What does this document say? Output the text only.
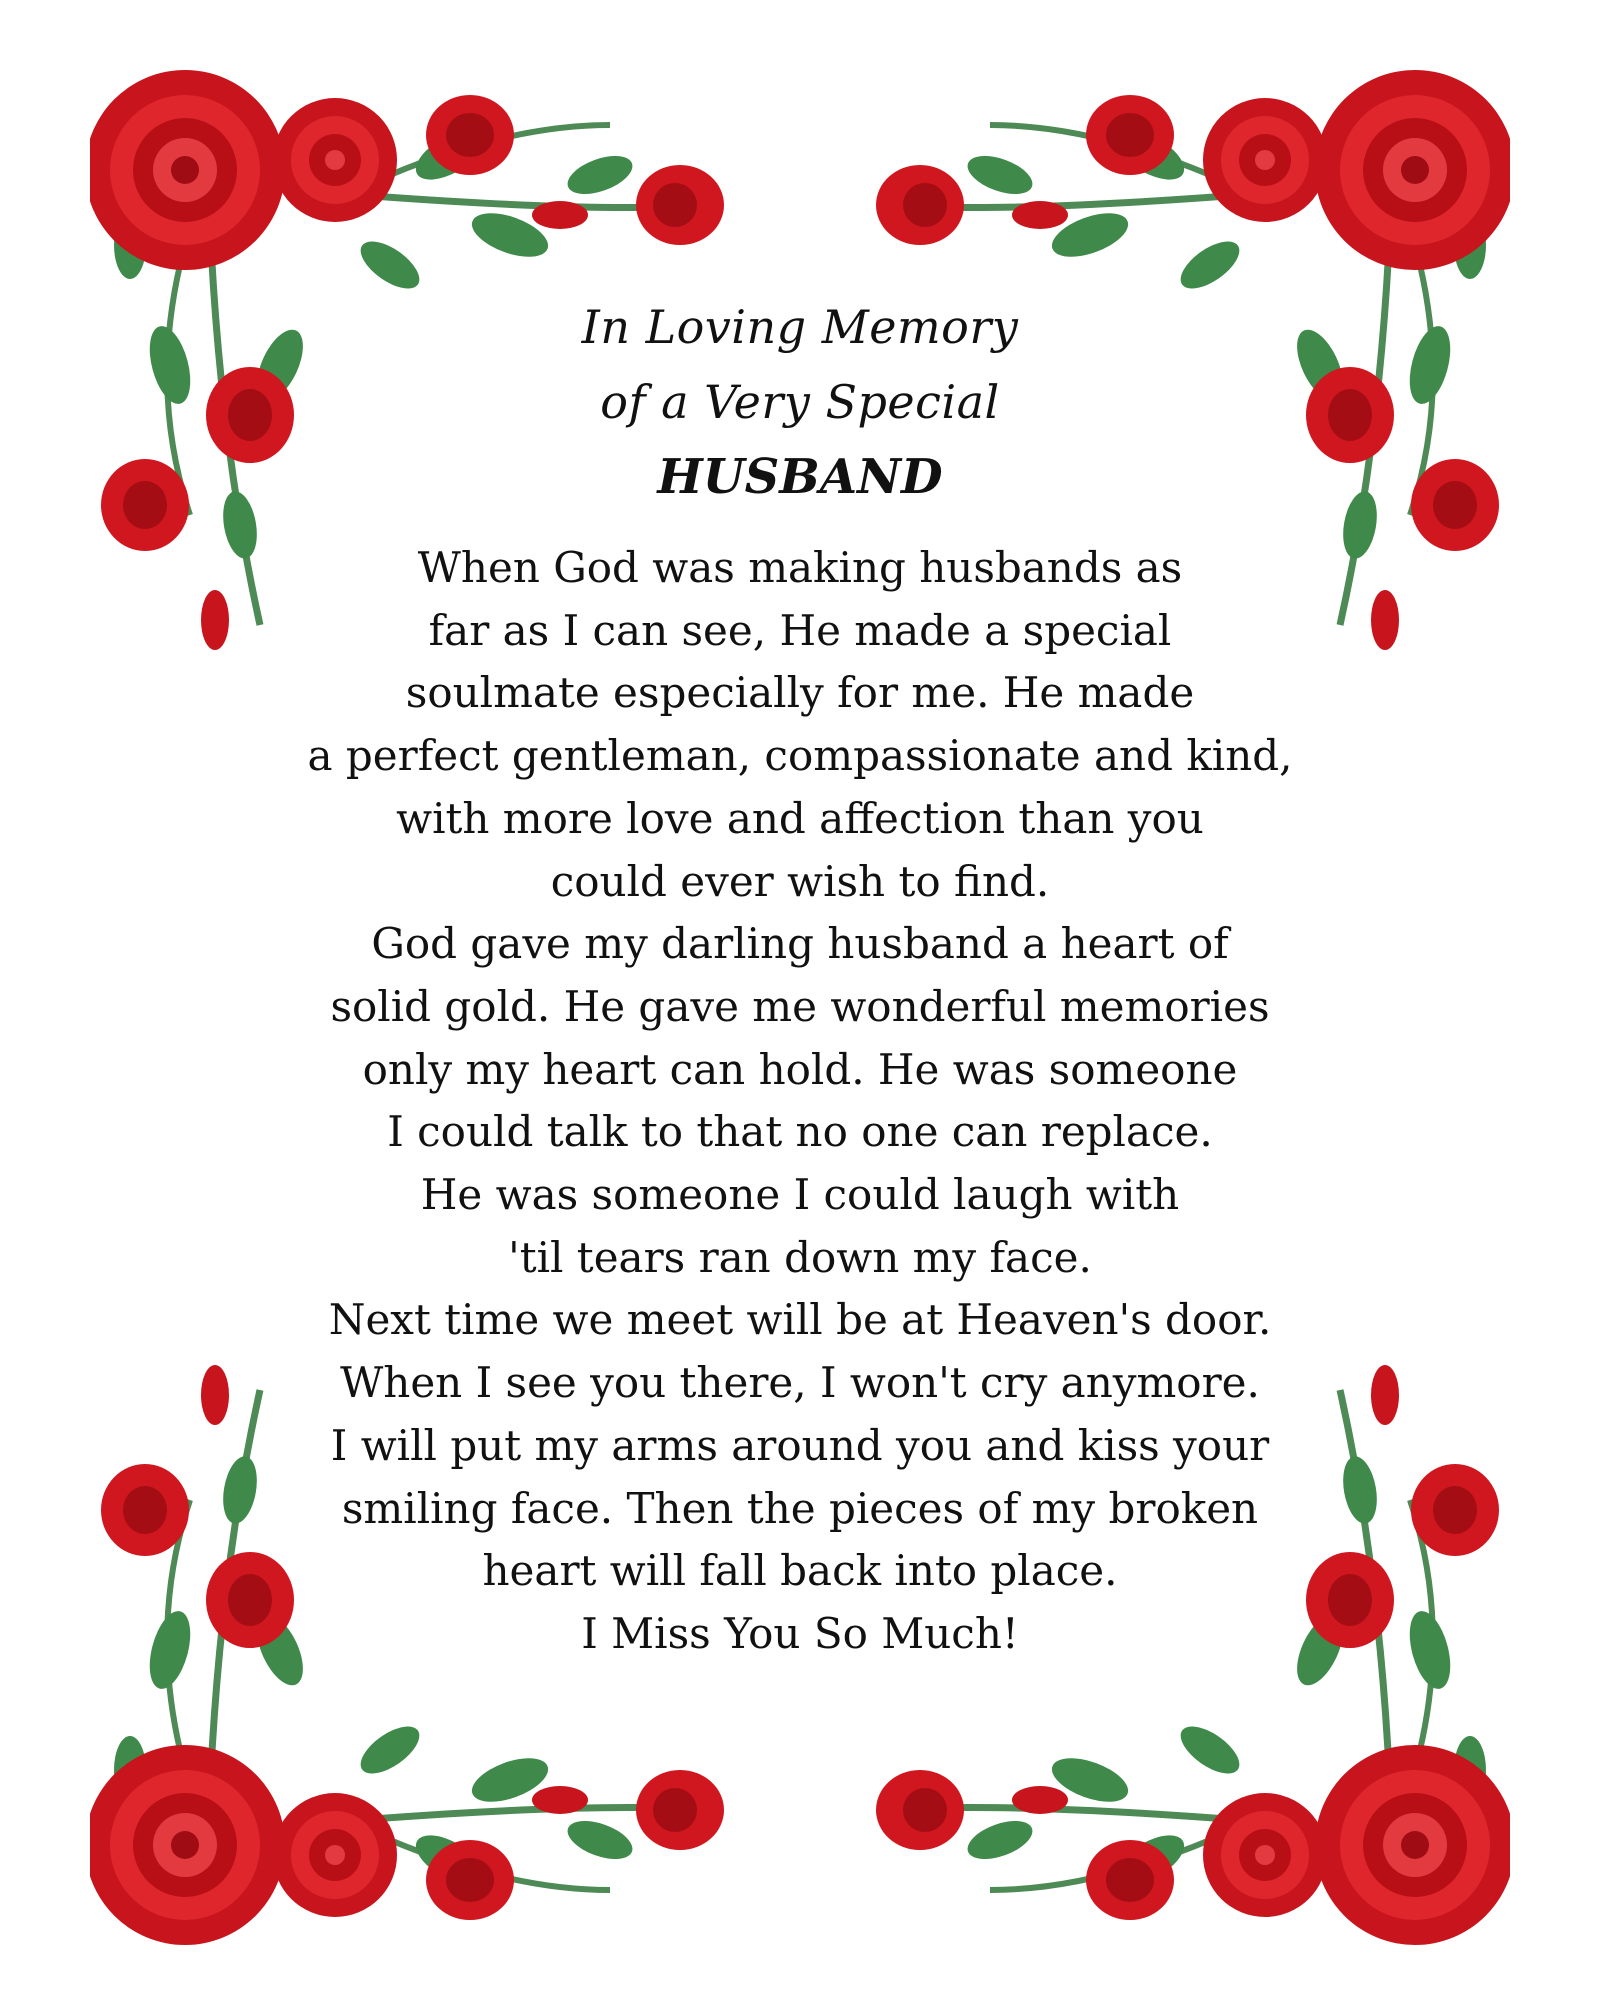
In Loving Memory
of a Very Special
HUSBAND
When God was making husbands as
far as I can see, He made a special
soulmate especially for me. He made
a perfect gentleman, compassionate and kind,
with more love and affection than you
could ever wish to find.
God gave my darling husband a heart of
solid gold. He gave me wonderful memories
only my heart can hold. He was someone
I could talk to that no one can replace.
He was someone I could laugh with
'til tears ran down my face.
Next time we meet will be at Heaven's door.
When I see you there, I won't cry anymore.
I will put my arms around you and kiss your
smiling face. Then the pieces of my broken
heart will fall back into place.
I Miss You So Much!
